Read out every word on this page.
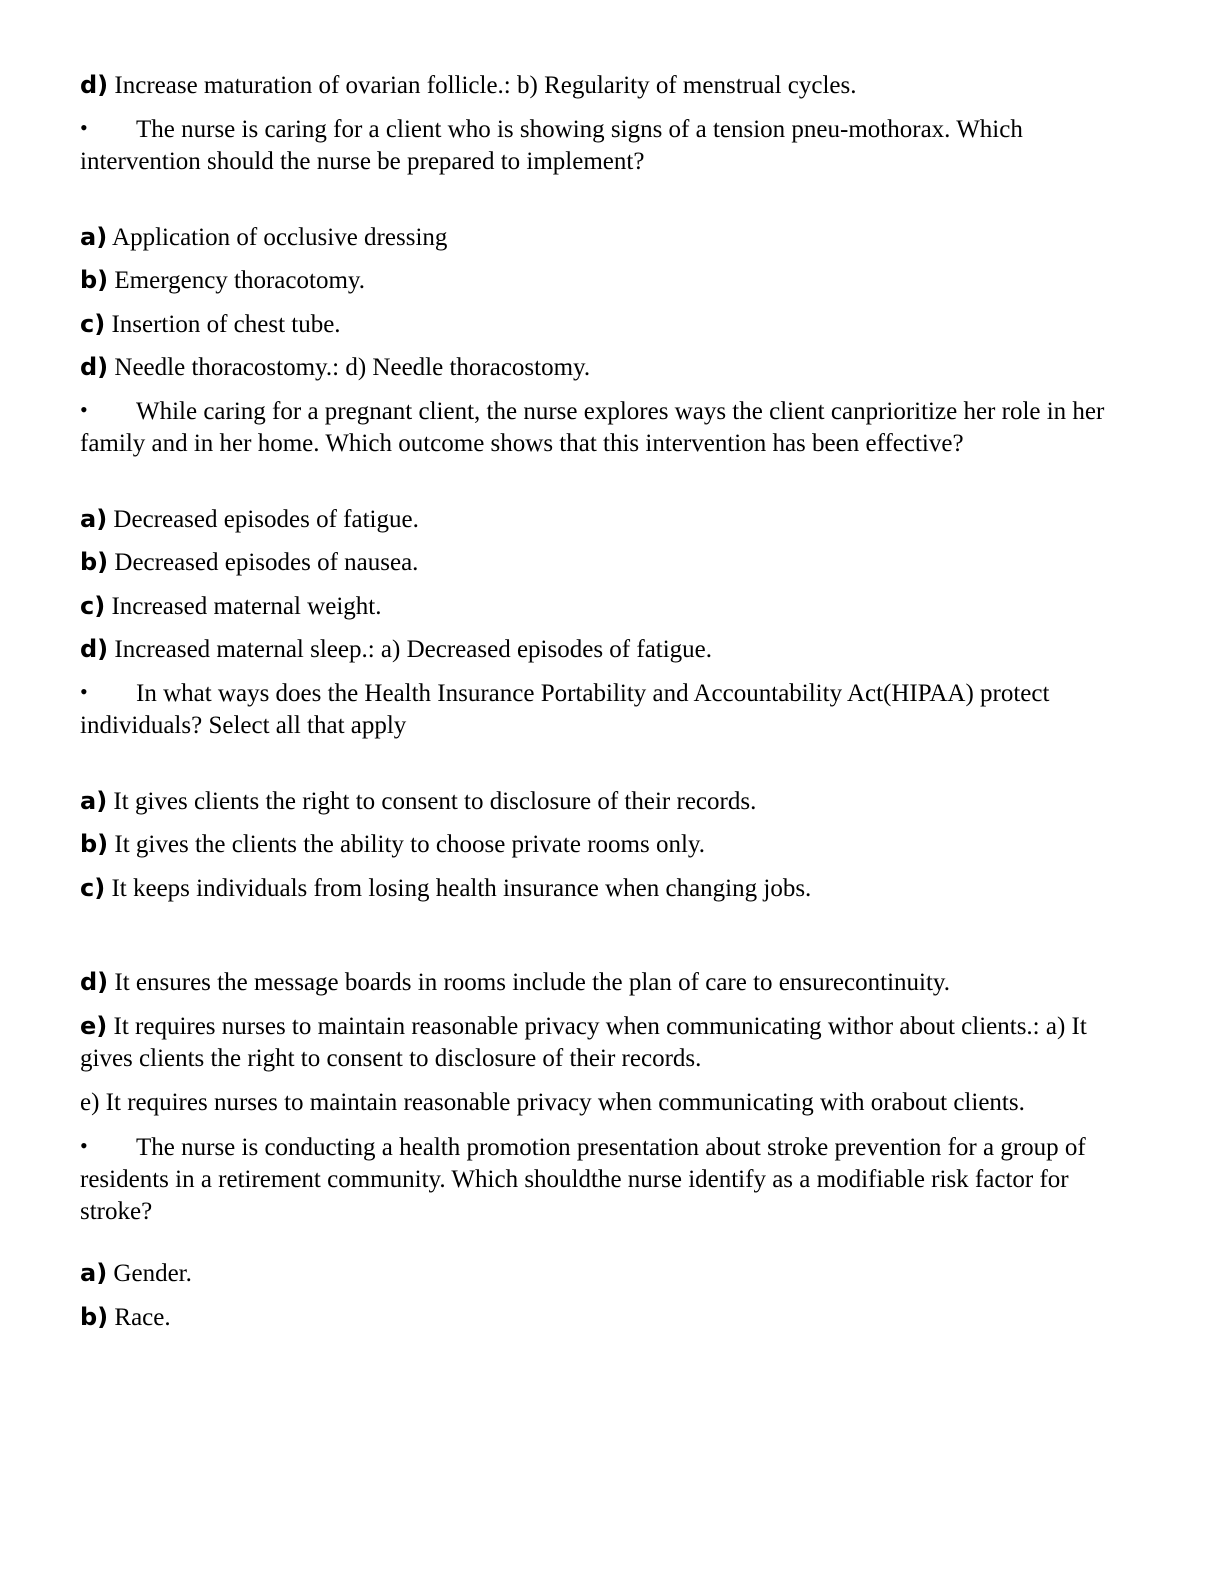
d) Increase maturation of ovarian follicle.: b) Regularity of menstrual cycles.
• The nurse is caring for a client who is showing signs of a tension pneu-mothorax. Which intervention should the nurse be prepared to implement?
a) Application of occlusive dressing
b) Emergency thoracotomy.
c) Insertion of chest tube.
d) Needle thoracostomy.: d) Needle thoracostomy.
• While caring for a pregnant client, the nurse explores ways the client canprioritize her role in her family and in her home. Which outcome shows that this intervention has been effective?
a) Decreased episodes of fatigue.
b) Decreased episodes of nausea.
c) Increased maternal weight.
d) Increased maternal sleep.: a) Decreased episodes of fatigue.
• In what ways does the Health Insurance Portability and Accountability Act(HIPAA) protect individuals? Select all that apply
a) It gives clients the right to consent to disclosure of their records.
b) It gives the clients the ability to choose private rooms only.
c) It keeps individuals from losing health insurance when changing jobs.
d) It ensures the message boards in rooms include the plan of care to ensurecontinuity.
e) It requires nurses to maintain reasonable privacy when communicating withor about clients.: a) It gives clients the right to consent to disclosure of their records.
e) It requires nurses to maintain reasonable privacy when communicating with orabout clients.
• The nurse is conducting a health promotion presentation about stroke prevention for a group of residents in a retirement community. Which shouldthe nurse identify as a modifiable risk factor for stroke?
a) Gender.
b) Race.
